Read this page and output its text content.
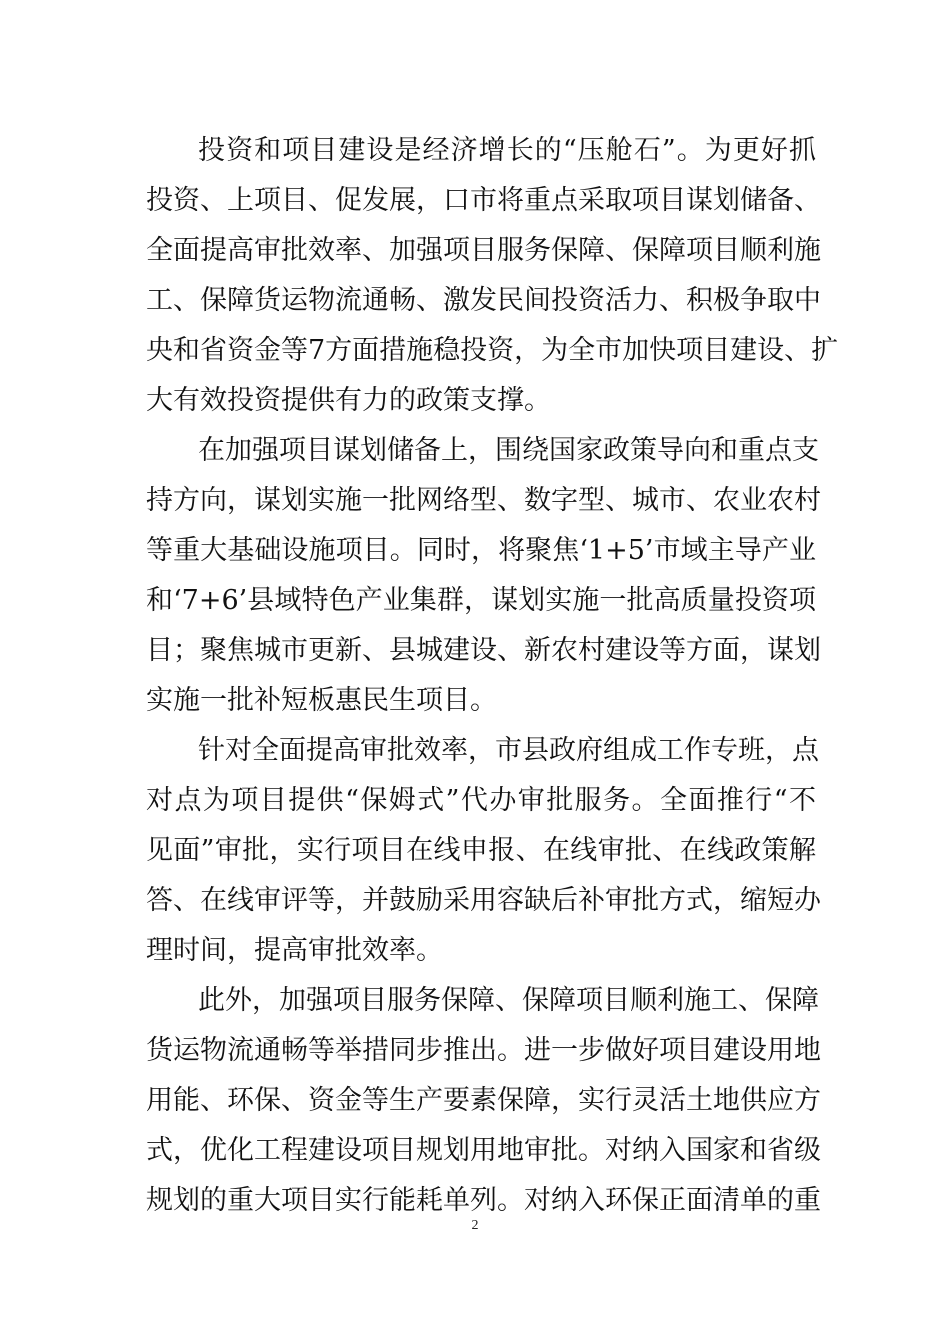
投资和项目建设是经济增长的“压舱石”。为更好抓
投资、上项目、促发展，口市将重点采取项目谋划储备、
全面提高审批效率、加强项目服务保障、保障项目顺利施
工、保障货运物流通畅、激发民间投资活力、积极争取中
央和省资金等7方面措施稳投资，为全市加快项目建设、扩
大有效投资提供有力的政策支撑。
在加强项目谋划储备上，围绕国家政策导向和重点支
持方向，谋划实施一批网络型、数字型、城市、农业农村
等重大基础设施项目。同时，将聚焦‘1+5’市域主导产业
和‘7+6’县域特色产业集群，谋划实施一批高质量投资项
目；聚焦城市更新、县城建设、新农村建设等方面，谋划
实施一批补短板惠民生项目。
针对全面提高审批效率，市县政府组成工作专班，点
对点为项目提供“保姆式”代办审批服务。全面推行“不
见面”审批，实行项目在线申报、在线审批、在线政策解
答、在线审评等，并鼓励采用容缺后补审批方式，缩短办
理时间，提高审批效率。
此外，加强项目服务保障、保障项目顺利施工、保障
货运物流通畅等举措同步推出。进一步做好项目建设用地
用能、环保、资金等生产要素保障，实行灵活土地供应方
式，优化工程建设项目规划用地审批。对纳入国家和省级
规划的重大项目实行能耗单列。对纳入环保正面清单的重
2
